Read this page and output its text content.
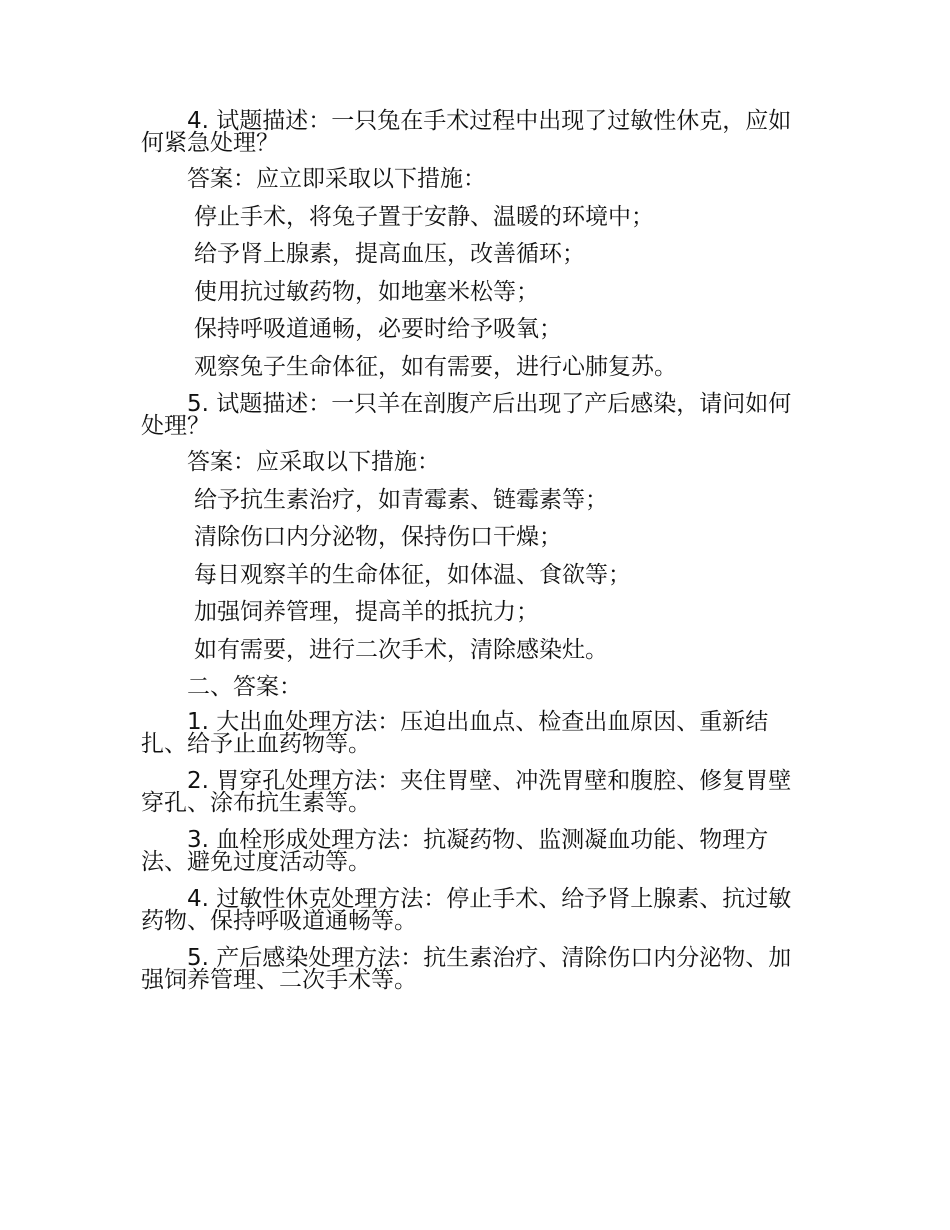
4. 试题描述：一只兔在手术过程中出现了过敏性休克，应如何紧急处理？

答案：应立即采取以下措施：

停止手术，将兔子置于安静、温暖的环境中；

给予肾上腺素，提高血压，改善循环；

使用抗过敏药物，如地塞米松等；

保持呼吸道通畅，必要时给予吸氧；

观察兔子生命体征，如有需要，进行心肺复苏。

5. 试题描述：一只羊在剖腹产后出现了产后感染，请问如何处理？

答案：应采取以下措施：

给予抗生素治疗，如青霉素、链霉素等；

清除伤口内分泌物，保持伤口干燥；

每日观察羊的生命体征，如体温、食欲等；

加强饲养管理，提高羊的抵抗力；

如有需要，进行二次手术，清除感染灶。

二、答案：

1. 大出血处理方法：压迫出血点、检查出血原因、重新结扎、给予止血药物等。

2. 胃穿孔处理方法：夹住胃壁、冲洗胃壁和腹腔、修复胃壁穿孔、涂布抗生素等。

3. 血栓形成处理方法：抗凝药物、监测凝血功能、物理方法、避免过度活动等。

4. 过敏性休克处理方法：停止手术、给予肾上腺素、抗过敏药物、保持呼吸道通畅等。

5. 产后感染处理方法：抗生素治疗、清除伤口内分泌物、加强饲养管理、二次手术等。
